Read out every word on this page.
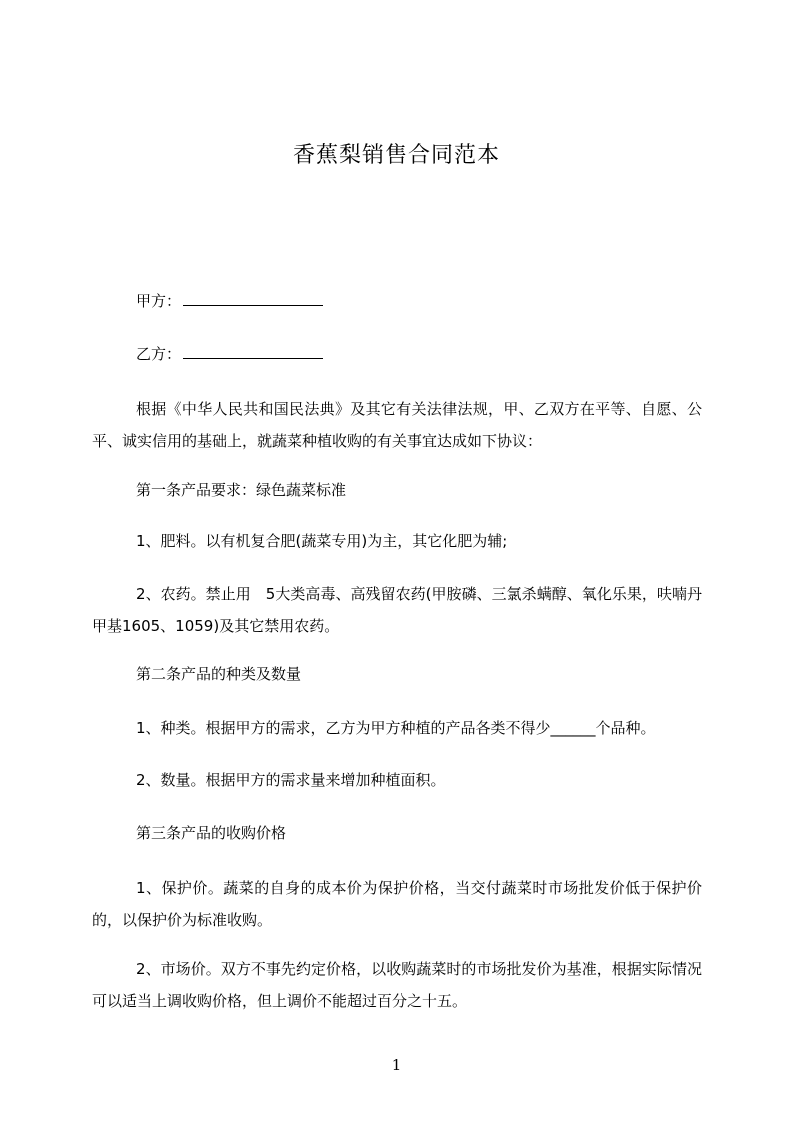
香蕉梨销售合同范本
甲方：
乙方：
根据《中华人民共和国民法典》及其它有关法律法规，甲、乙双方在平等、自愿、公平、诚实信用的基础上，就蔬菜种植收购的有关事宜达成如下协议：
第一条产品要求：绿色蔬菜标准
1、肥料。以有机复合肥(蔬菜专用)为主，其它化肥为辅;
2、农药。禁止用　5大类高毒、高残留农药(甲胺磷、三氯杀螨醇、氧化乐果，呋喃丹甲基1605、1059)及其它禁用农药。
第二条产品的种类及数量
1、种类。根据甲方的需求，乙方为甲方种植的产品各类不得少______个品种。
2、数量。根据甲方的需求量来增加种植面积。
第三条产品的收购价格
1、保护价。蔬菜的自身的成本价为保护价格，当交付蔬菜时市场批发价低于保护价的，以保护价为标准收购。
2、市场价。双方不事先约定价格，以收购蔬菜时的市场批发价为基准，根据实际情况可以适当上调收购价格，但上调价不能超过百分之十五。
1
